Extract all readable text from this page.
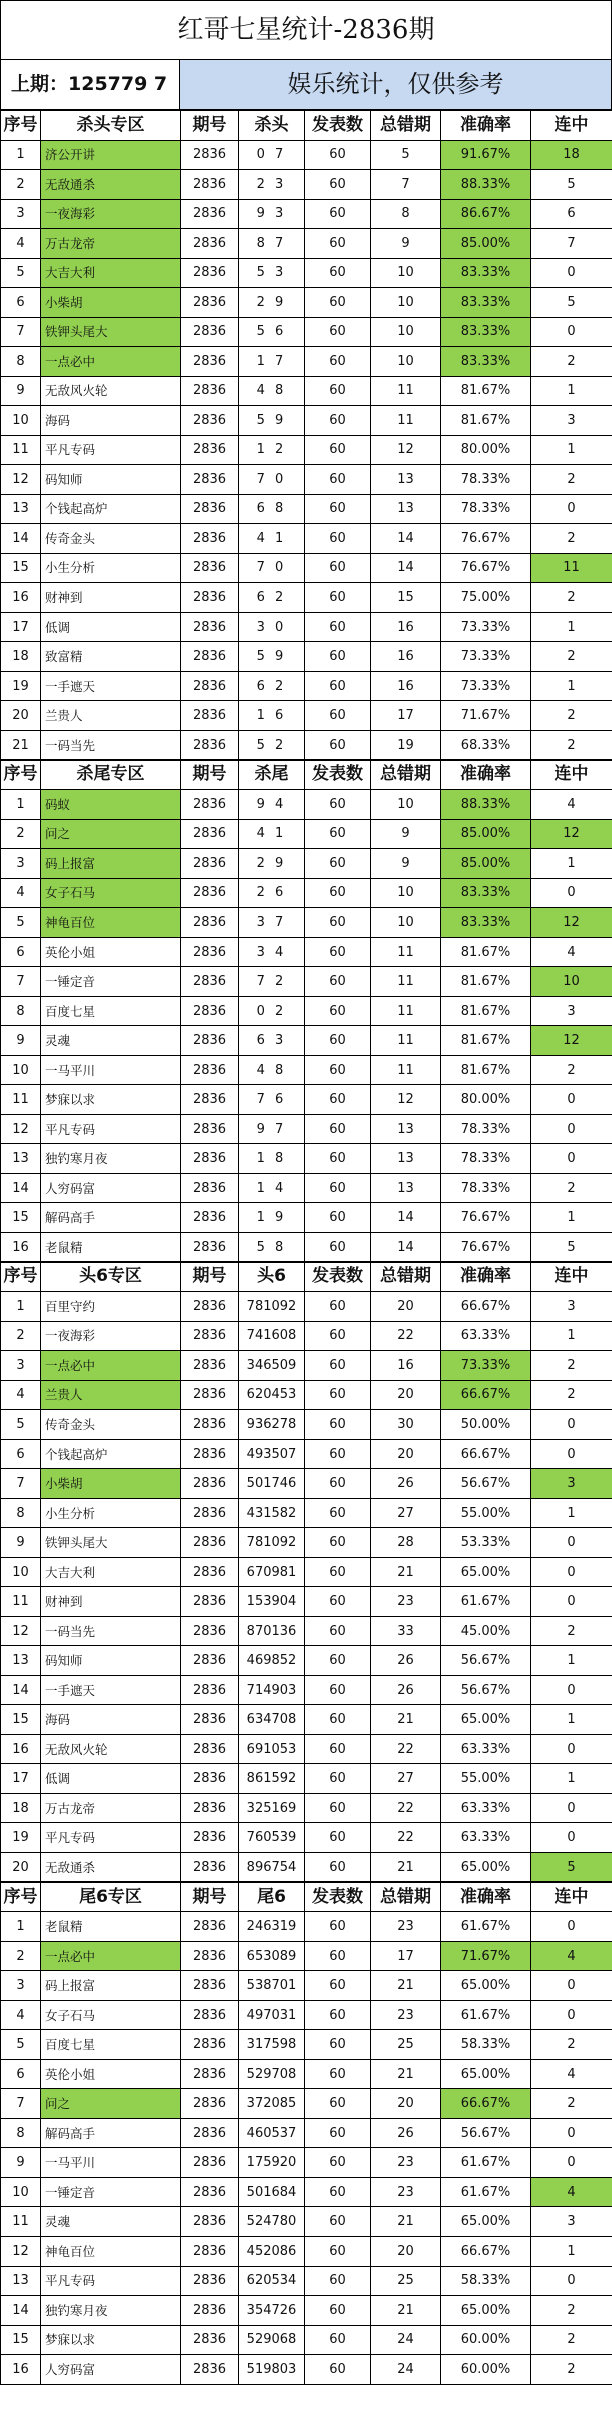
红哥七星统计-2836期
上期：125779 7	娱乐统计，仅供参考
序号	杀头专区	期号	杀头	发表数	总错期	准确率	连中
1	济公开讲	2836	0 7	60	5	91.67%	18
2	无敌通杀	2836	2 3	60	7	88.33%	5
3	一夜海彩	2836	9 3	60	8	86.67%	6
4	万古龙帝	2836	8 7	60	9	85.00%	7
5	大吉大利	2836	5 3	60	10	83.33%	0
6	小柴胡	2836	2 9	60	10	83.33%	5
7	铁钾头尾大	2836	5 6	60	10	83.33%	0
8	一点必中	2836	1 7	60	10	83.33%	2
9	无敌风火轮	2836	4 8	60	11	81.67%	1
10	海码	2836	5 9	60	11	81.67%	3
11	平凡专码	2836	1 2	60	12	80.00%	1
12	码知师	2836	7 0	60	13	78.33%	2
13	个钱起高炉	2836	6 8	60	13	78.33%	0
14	传奇金头	2836	4 1	60	14	76.67%	2
15	小生分析	2836	7 0	60	14	76.67%	11
16	财神到	2836	6 2	60	15	75.00%	2
17	低调	2836	3 0	60	16	73.33%	1
18	致富精	2836	5 9	60	16	73.33%	2
19	一手遮天	2836	6 2	60	16	73.33%	1
20	兰贵人	2836	1 6	60	17	71.67%	2
21	一码当先	2836	5 2	60	19	68.33%	2
序号	杀尾专区	期号	杀尾	发表数	总错期	准确率	连中
1	码蚁	2836	9 4	60	10	88.33%	4
2	问之	2836	4 1	60	9	85.00%	12
3	码上报富	2836	2 9	60	9	85.00%	1
4	女子石马	2836	2 6	60	10	83.33%	0
5	神龟百位	2836	3 7	60	10	83.33%	12
6	英伦小姐	2836	3 4	60	11	81.67%	4
7	一锤定音	2836	7 2	60	11	81.67%	10
8	百度七星	2836	0 2	60	11	81.67%	3
9	灵魂	2836	6 3	60	11	81.67%	12
10	一马平川	2836	4 8	60	11	81.67%	2
11	梦寐以求	2836	7 6	60	12	80.00%	0
12	平凡专码	2836	9 7	60	13	78.33%	0
13	独钓寒月夜	2836	1 8	60	13	78.33%	0
14	人穷码富	2836	1 4	60	13	78.33%	2
15	解码高手	2836	1 9	60	14	76.67%	1
16	老鼠精	2836	5 8	60	14	76.67%	5
序号	头6专区	期号	头6	发表数	总错期	准确率	连中
1	百里守约	2836	781092	60	20	66.67%	3
2	一夜海彩	2836	741608	60	22	63.33%	1
3	一点必中	2836	346509	60	16	73.33%	2
4	兰贵人	2836	620453	60	20	66.67%	2
5	传奇金头	2836	936278	60	30	50.00%	0
6	个钱起高炉	2836	493507	60	20	66.67%	0
7	小柴胡	2836	501746	60	26	56.67%	3
8	小生分析	2836	431582	60	27	55.00%	1
9	铁钾头尾大	2836	781092	60	28	53.33%	0
10	大吉大利	2836	670981	60	21	65.00%	0
11	财神到	2836	153904	60	23	61.67%	0
12	一码当先	2836	870136	60	33	45.00%	2
13	码知师	2836	469852	60	26	56.67%	1
14	一手遮天	2836	714903	60	26	56.67%	0
15	海码	2836	634708	60	21	65.00%	1
16	无敌风火轮	2836	691053	60	22	63.33%	0
17	低调	2836	861592	60	27	55.00%	1
18	万古龙帝	2836	325169	60	22	63.33%	0
19	平凡专码	2836	760539	60	22	63.33%	0
20	无敌通杀	2836	896754	60	21	65.00%	5
序号	尾6专区	期号	尾6	发表数	总错期	准确率	连中
1	老鼠精	2836	246319	60	23	61.67%	0
2	一点必中	2836	653089	60	17	71.67%	4
3	码上报富	2836	538701	60	21	65.00%	0
4	女子石马	2836	497031	60	23	61.67%	0
5	百度七星	2836	317598	60	25	58.33%	2
6	英伦小姐	2836	529708	60	21	65.00%	4
7	问之	2836	372085	60	20	66.67%	2
8	解码高手	2836	460537	60	26	56.67%	0
9	一马平川	2836	175920	60	23	61.67%	0
10	一锤定音	2836	501684	60	23	61.67%	4
11	灵魂	2836	524780	60	21	65.00%	3
12	神龟百位	2836	452086	60	20	66.67%	1
13	平凡专码	2836	620534	60	25	58.33%	0
14	独钓寒月夜	2836	354726	60	21	65.00%	2
15	梦寐以求	2836	529068	60	24	60.00%	2
16	人穷码富	2836	519803	60	24	60.00%	2
